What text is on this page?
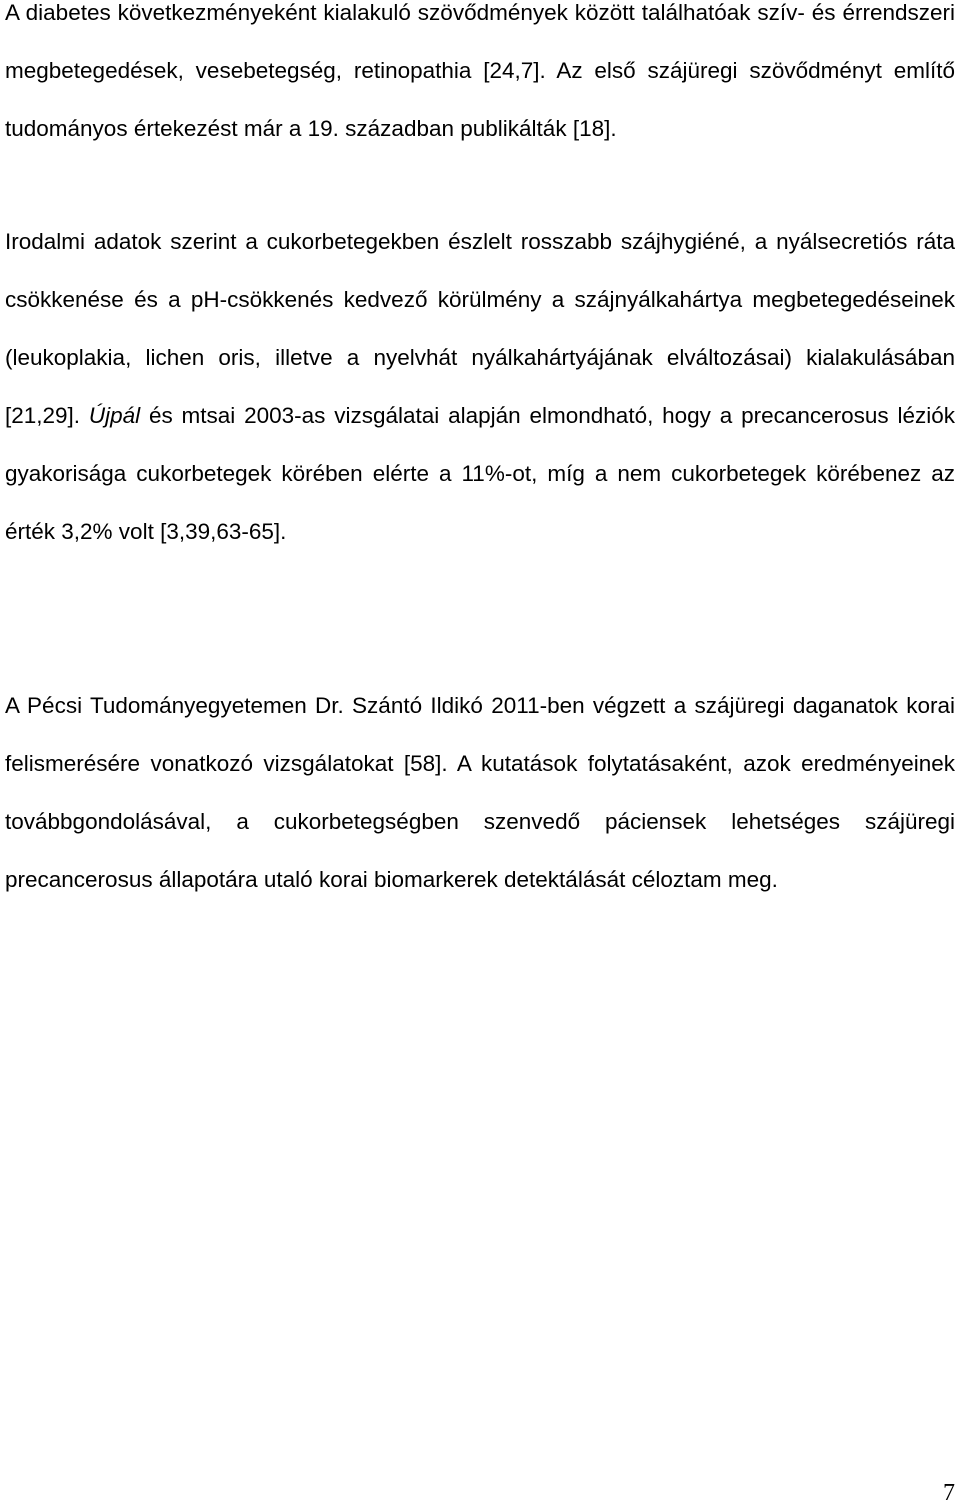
A diabetes következményeként kialakuló szövődmények között találhatóak szív- és érrendszeri megbetegedések, vesebetegség, retinopathia [24,7]. Az első szájüregi szövődményt említő tudományos értekezést már a 19. században publikálták [18].

Irodalmi adatok szerint a cukorbetegekben észlelt rosszabb szájhygiéné, a nyálsecretiós ráta csökkenése és a pH-csökkenés kedvező körülmény a szájnyálkahártya megbetegedéseinek (leukoplakia, lichen oris, illetve a nyelvhát nyálkahártyájának elváltozásai) kialakulásában [21,29]. Újpál és mtsai 2003-as vizsgálatai alapján elmondható, hogy a precancerosus léziók gyakorisága cukorbetegek körében elérte a 11%-ot, míg a nem cukorbetegek körébenez az érték 3,2% volt [3,39,63-65].

A Pécsi Tudományegyetemen Dr. Szántó Ildikó 2011-ben végzett a szájüregi daganatok korai felismerésére vonatkozó vizsgálatokat [58]. A kutatások folytatásaként, azok eredményeinek továbbgondolásával, a cukorbetegségben szenvedő páciensek lehetséges szájüregi precancerosus állapotára utaló korai biomarkerek detektálását céloztam meg.

7
